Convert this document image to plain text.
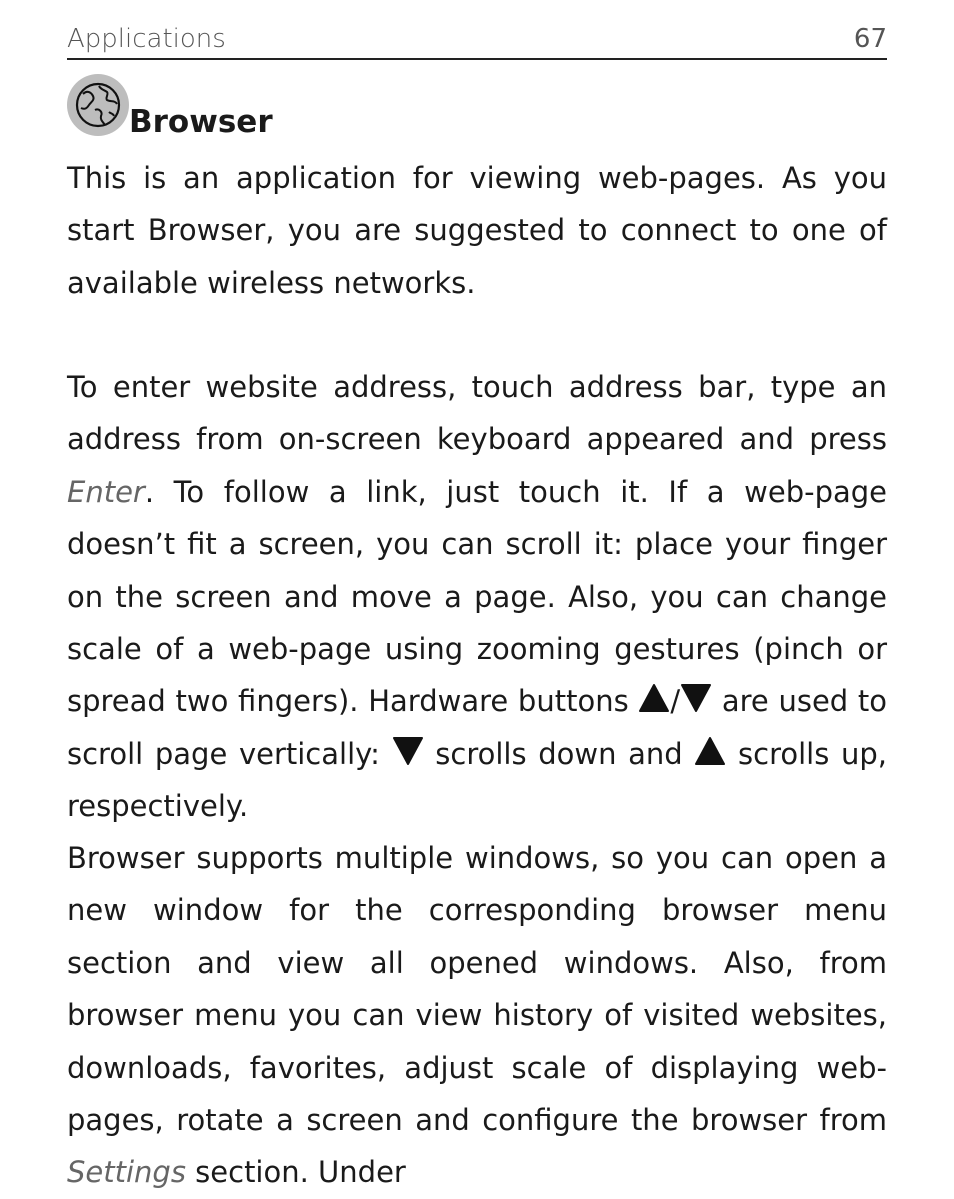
Applications	67
Browser

This is an application for viewing web-pages. As you start Browser, you are suggested to connect to one of available wireless networks.

To enter website address, touch address bar, type an address from on-screen keyboard appeared and press Enter. To follow a link, just touch it. If a web-page doesn’t fit a screen, you can scroll it: place your finger on the screen and move a page. Also, you can change scale of a web-page using zooming gestures (pinch or spread two fingers). Hardware buttons / are used to scroll page vertically:  scrolls down and  scrolls up, respectively.

Browser supports multiple windows, so you can open a new window for the corresponding browser menu section and view all opened windows. Also, from browser menu you can view history of visited websites, downloads, favorites, adjust scale of displaying web-pages, rotate a screen and configure the browser from Settings section. Under
